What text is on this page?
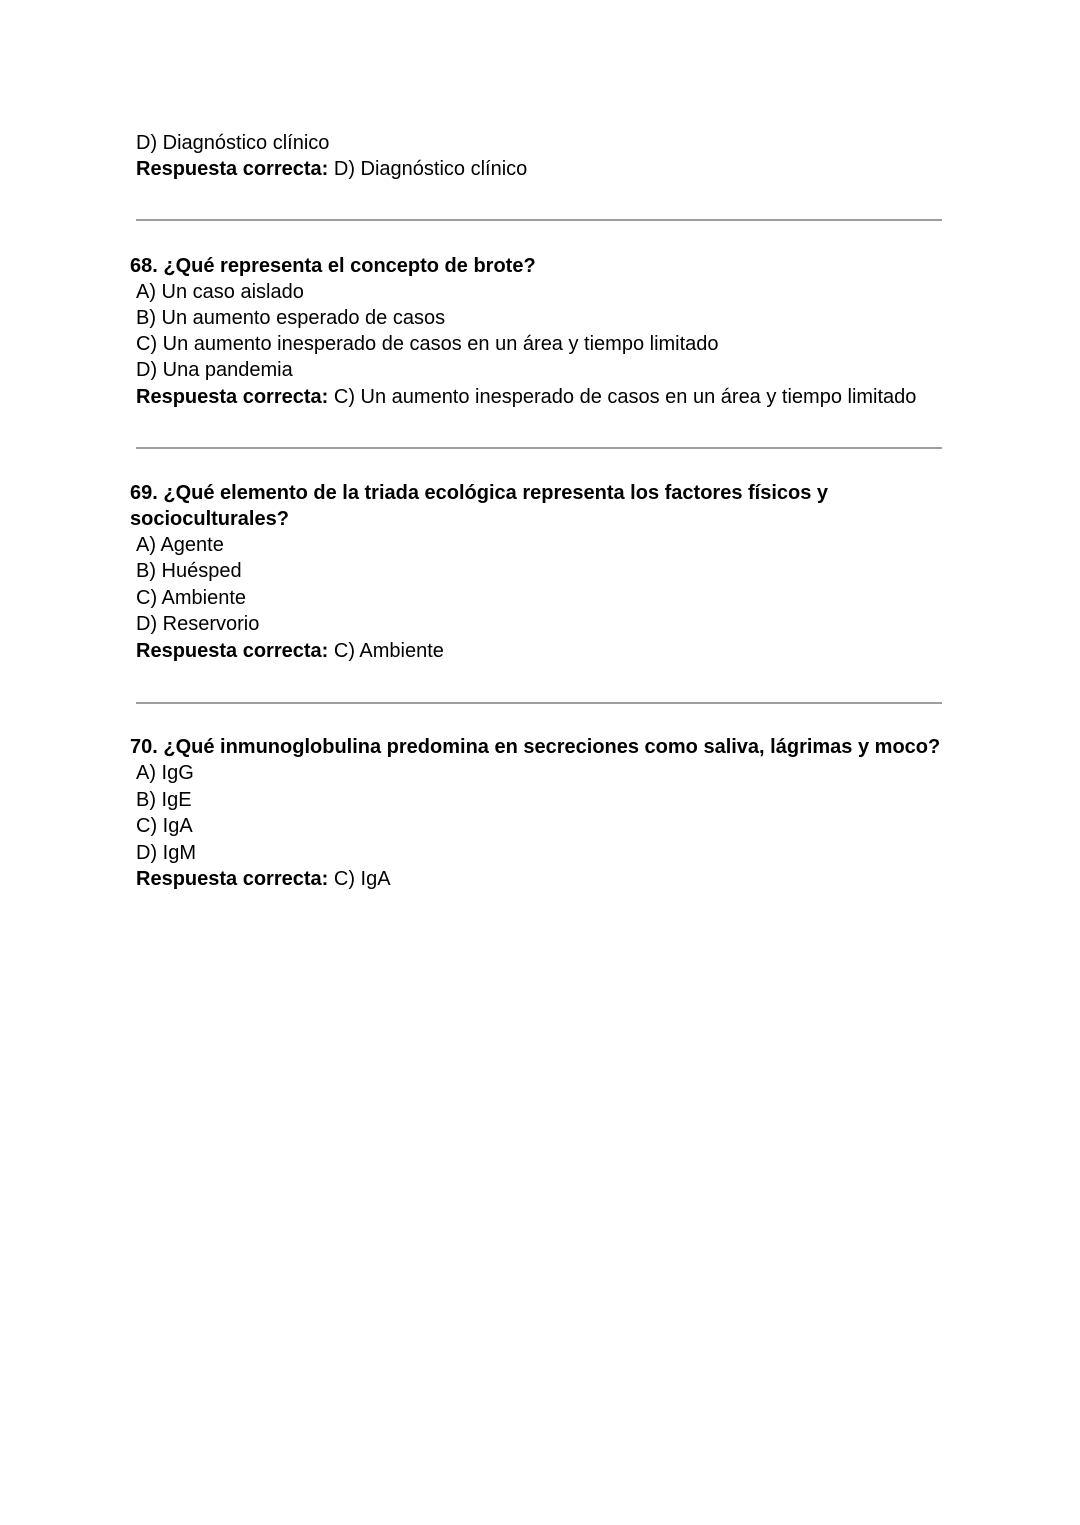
D) Diagnóstico clínico
Respuesta correcta: D) Diagnóstico clínico
68. ¿Qué representa el concepto de brote?
A) Un caso aislado
B) Un aumento esperado de casos
C) Un aumento inesperado de casos en un área y tiempo limitado
D) Una pandemia
Respuesta correcta: C) Un aumento inesperado de casos en un área y tiempo limitado
69. ¿Qué elemento de la triada ecológica representa los factores físicos y
socioculturales?
A) Agente
B) Huésped
C) Ambiente
D) Reservorio
Respuesta correcta: C) Ambiente
70. ¿Qué inmunoglobulina predomina en secreciones como saliva, lágrimas y moco?
A) IgG
B) IgE
C) IgA
D) IgM
Respuesta correcta: C) IgA
